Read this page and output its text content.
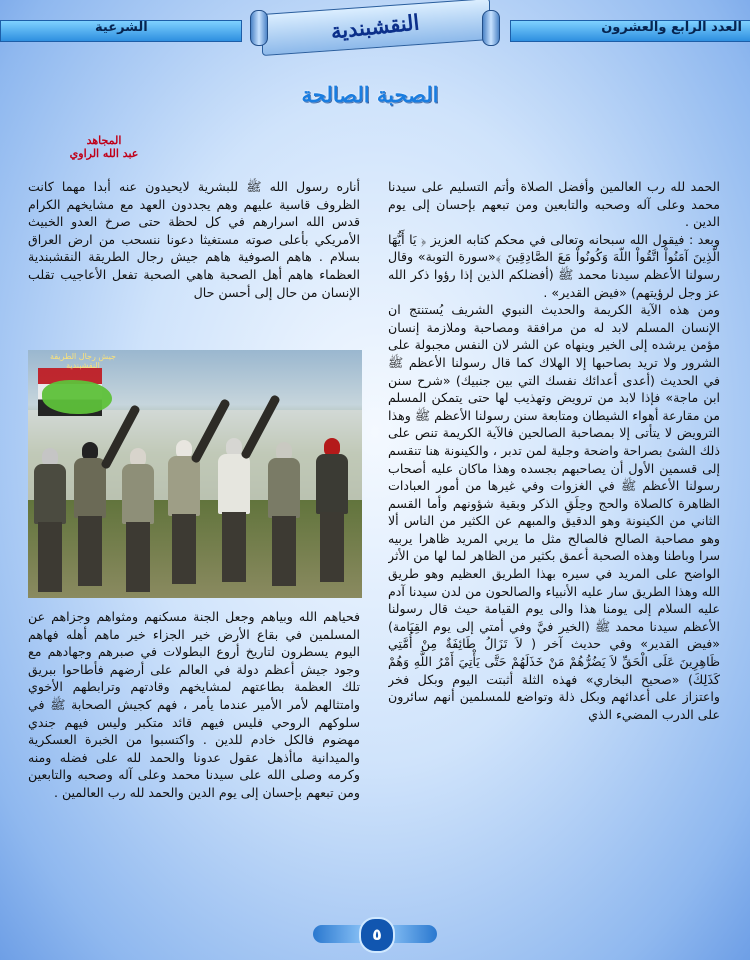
العدد الرابع والعشرون
الشرعية	النقشبندية
الصحبة الصالحة
المجاهد
عبد الله الراوي

الحمد لله رب العالمين وأفضل الصلاة وأتم التسليم على سيدنا محمد وعلى آله وصحبه والتابعين ومن تبعهم بإحسان إلى يوم الدين .

وبعد : فيقول الله سبحانه وتعالى في محكم كتابه العزيز ﴿ يَا أَيُّهَا الَّذِينَ آمَنُواْ اتَّقُواْ اللّهَ وَكُونُواْ مَعَ الصَّادِقِينَ ﴾«سورة التوبة» وقال رسولنا الأعظم سيدنا محمد ﷺ (أفضلكم الذين إذا رؤوا ذكر الله عز وجل لرؤيتهم) «فيض القدير» .

ومن هذه الآية الكريمة والحديث النبوي الشريف يُستنتج ان الإنسان المسلم لابد له من مرافقة ومصاحبة وملازمة إنسان مؤمن يرشده إلى الخير وينهاه عن الشر لان النفس مجبولة على الشرور ولا تريد بصاحبها إلا الهلاك كما قال رسولنا الأعظم ﷺ في الحديث (أعدى أعدائك نفسك التي بين جنبيك) «شرح سنن ابن ماجة» فإذا لابد من ترويض وتهذيب لها حتى يتمكن المسلم من مقارعة أهواء الشيطان ومتابعة سنن رسولنا الأعظم ﷺ وهذا الترويض لا يتأتى إلا بمصاحبة الصالحين فالآية الكريمة تنص على ذلك الشئ بصراحة واضحة وجلية لمن تدبر ، والكينونة هنا تنقسم إلى قسمين الأول أن يصاحبهم بجسده وهذا ماكان عليه أصحاب رسولنا الأعظم ﷺ في الغزوات وفي غيرها من أمور العبادات الظاهرة كالصلاة والحج وحِلَقِ الذكر وبقية شؤونهم وأما القسم الثاني من الكينونة وهو الدقيق والمبهم عن الكثير من الناس ألا وهو مصاحبة الصالح فالصالح مثل ما يربي المريد ظاهرا يربيه سرا وباطنا وهذه الصحبة أعمق بكثير من الظاهر لما لها من الأثر الواضح على المريد في سيره بهذا الطريق العظيم وهو طريق الله وهذا الطريق سار عليه الأنبياء والصالحون من لدن سيدنا آدم عليه السلام إلى يومنا هذا والى يوم القيامة حيث قال رسولنا الأعظم سيدنا محمد ﷺ (الخير فيَّ وفي أمتي إلى يوم القِيَامة) «فيض القدير» وفي حديث آخر ( لاَ تَزَالُ طَائِفَةٌ مِنْ أُمَّتِي ظَاهِرِينَ عَلَى الْحَقِّ لاَ يَضُرُّهُمْ مَنْ خَذَلَهُمْ حَتَّى يَأْتِيَ أَمْرُ اللَّهِ وَهُمْ كَذَلِكَ) «صحيح البخاري» فهذه الثلة أثبتت اليوم وبكل فخر واعتزاز على أعدائهم وبكل ذلة وتواضع للمسلمين أنهم سائرون على الدرب المضيء الذي

أناره رسول الله ﷺ للبشرية لايحيدون عنه أبدا مهما كانت الظروف قاسية عليهم وهم يجددون العهد مع مشايخهم الكرام قدس الله اسرارهم في كل لحظة حتى صرخ العدو الخبيث الأمريكي بأعلى صوته مستغيثا دعونا ننسحب من ارض العراق بسلام . هاهم الصوفية هاهم جيش رجال الطريقة النقشبندية العظماء هاهم أهل الصحبة هاهي الصحبة تفعل الأعاجيب تقلب الإنسان من حال إلى أحسن حال

جيش رجال الطريقة النقشبندية

فحياهم الله وبياهم وجعل الجنة مسكنهم ومثواهم وجزاهم عن المسلمين في بقاع الأرض خير الجزاء خير ماهم أهله فهاهم اليوم يسطرون لتاريخ أروع البطولات في صبرهم وجهادهم مع وجود جيش أعظم دولة في العالم على أرضهم فأطاحوا ببريق تلك العظمة بطاعتهم لمشايخهم وقادتهم وترابطهم الأخوي وامتثالهم لأمر الأمير عندما يأمر ، فهم كجيش الصحابة ﷺ في سلوكهم الروحي فليس فيهم قائد متكبر وليس فيهم جندي مهضوم فالكل خادم للدين . واكتسبوا من الخبرة العسكرية والميدانية ماأذهل عقول عدونا والحمد لله على فضله ومنه وكرمه وصلى الله على سيدنا محمد وعلى آله وصحبه والتابعين ومن تبعهم بإحسان إلى يوم الدين والحمد لله رب العالمين .

٥
